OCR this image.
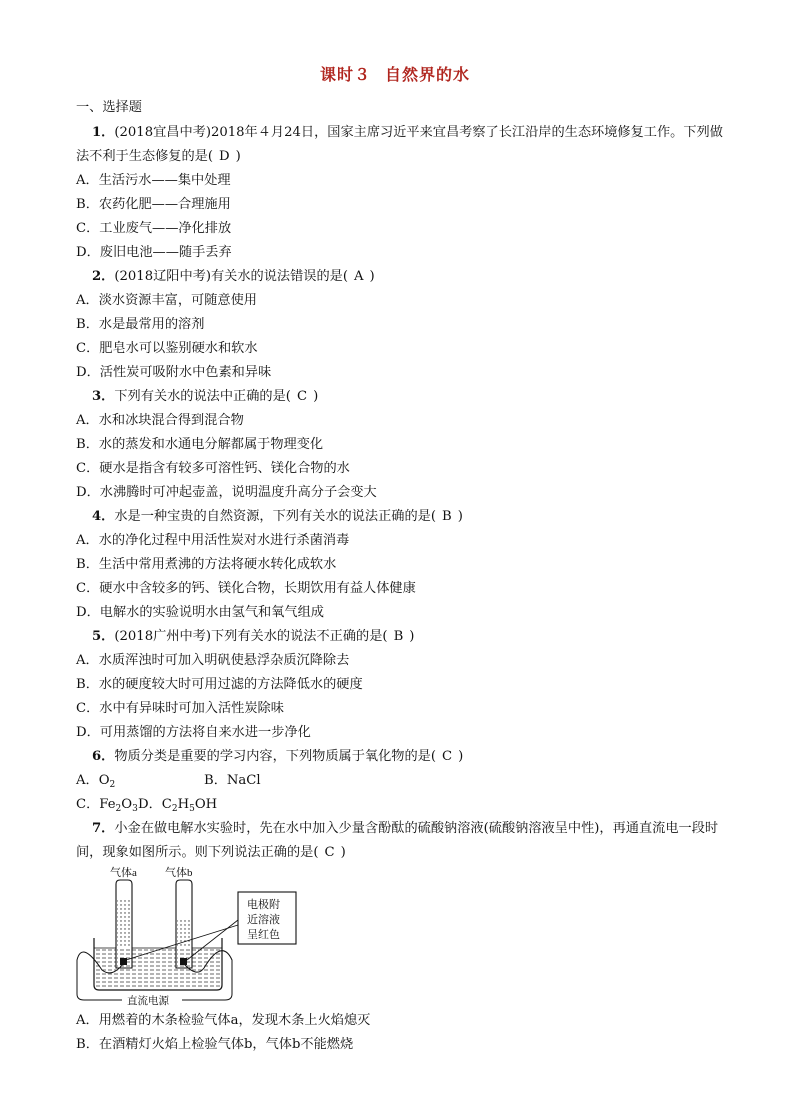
课时３ 自然界的水
一、选择题
1．(2018宜昌中考)2018年４月24日，国家主席习近平来宜昌考察了长江沿岸的生态环境修复工作。下列做
法不利于生态修复的是( D )
A．生活污水——集中处理
B．农药化肥——合理施用
C．工业废气——净化排放
D．废旧电池——随手丢弃
2．(2018辽阳中考)有关水的说法错误的是( A )
A．淡水资源丰富，可随意使用
B．水是最常用的溶剂
C．肥皂水可以鉴别硬水和软水
D．活性炭可吸附水中色素和异味
3．下列有关水的说法中正确的是( C )
A．水和冰块混合得到混合物
B．水的蒸发和水通电分解都属于物理变化
C．硬水是指含有较多可溶性钙、镁化合物的水
D．水沸腾时可冲起壶盖，说明温度升高分子会变大
4．水是一种宝贵的自然资源，下列有关水的说法正确的是( B )
A．水的净化过程中用活性炭对水进行杀菌消毒
B．生活中常用煮沸的方法将硬水转化成软水
C．硬水中含较多的钙、镁化合物，长期饮用有益人体健康
D．电解水的实验说明水由氢气和氧气组成
5．(2018广州中考)下列有关水的说法不正确的是( B )
A．水质浑浊时可加入明矾使悬浮杂质沉降除去
B．水的硬度较大时可用过滤的方法降低水的硬度
C．水中有异味时可加入活性炭除味
D．可用蒸馏的方法将自来水进一步净化
6．物质分类是重要的学习内容，下列物质属于氧化物的是( C )
A．$O_2$	B．NaCl
C．$Fe_2O_3$ D．$C_2H_5OH$
7．小金在做电解水实验时，先在水中加入少量含酚酞的硫酸钠溶液(硫酸钠溶液呈中性)，再通直流电一段时
间，现象如图所示。则下列说法正确的是( C )
气体a	气体b
直流电源
电极附
近溶液
呈红色
A．用燃着的木条检验气体a，发现木条上火焰熄灭
B．在酒精灯火焰上检验气体b，气体b不能燃烧
